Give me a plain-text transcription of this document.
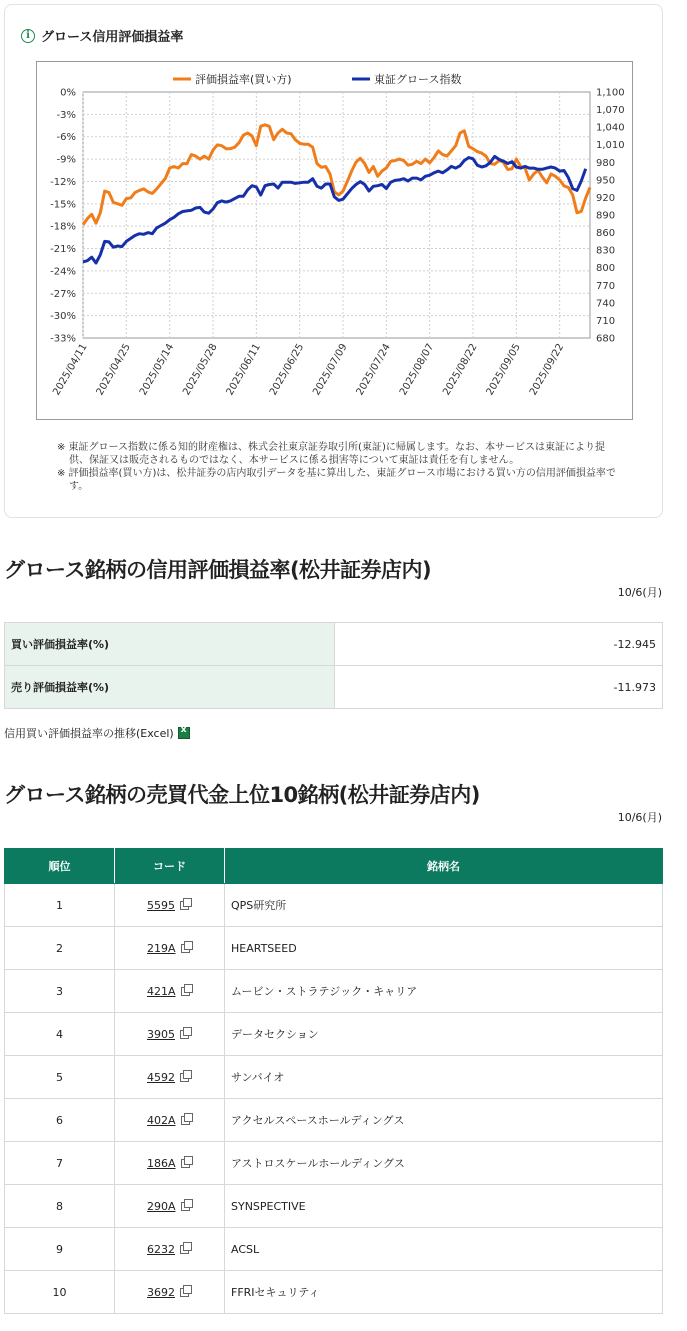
i グロース信用評価損益率
0%
-3%
-6%
-9%
-12%
-15%
-18%
-21%
-24%
-27%
-30%
-33%
1,100
1,070
1,040
1,010
980
950
920
890
860
830
800
770
740
710
680
2025/04/11 2025/04/25 2025/05/14 2025/05/28 2025/06/11 2025/06/25 2025/07/09 2025/07/24 2025/08/07 2025/08/22 2025/09/05 2025/09/22
評価損益率(買い方)	東証グロース指数

※ 東証グロース指数に係る知的財産権は、株式会社東京証券取引所(東証)に帰属します。なお、本サービスは東証により提供、保証又は販売されるものではなく、本サービスに係る損害等について東証は責任を有しません。

※ 評価損益率(買い方)は、松井証券の店内取引データを基に算出した、東証グロース市場における買い方の信用評価損益率です。

グロース銘柄の信用評価損益率(松井証券店内)
10/6(月)
買い評価損益率(%)	-12.945
売り評価損益率(%)	-11.973
信用買い評価損益率の推移(Excel)
x
グロース銘柄の売買代金上位10銘柄(松井証券店内)
10/6(月)
順位	コード	銘柄名
1	5595	QPS研究所
2	219A	HEARTSEED
3	421A	ムービン・ストラテジック・キャリア
4	3905	データセクション
5	4592	サンバイオ
6	402A	アクセルスペースホールディングス
7	186A	アストロスケールホールディングス
8	290A	SYNSPECTIVE
9	6232	ACSL
10	3692	FFRIセキュリティ
